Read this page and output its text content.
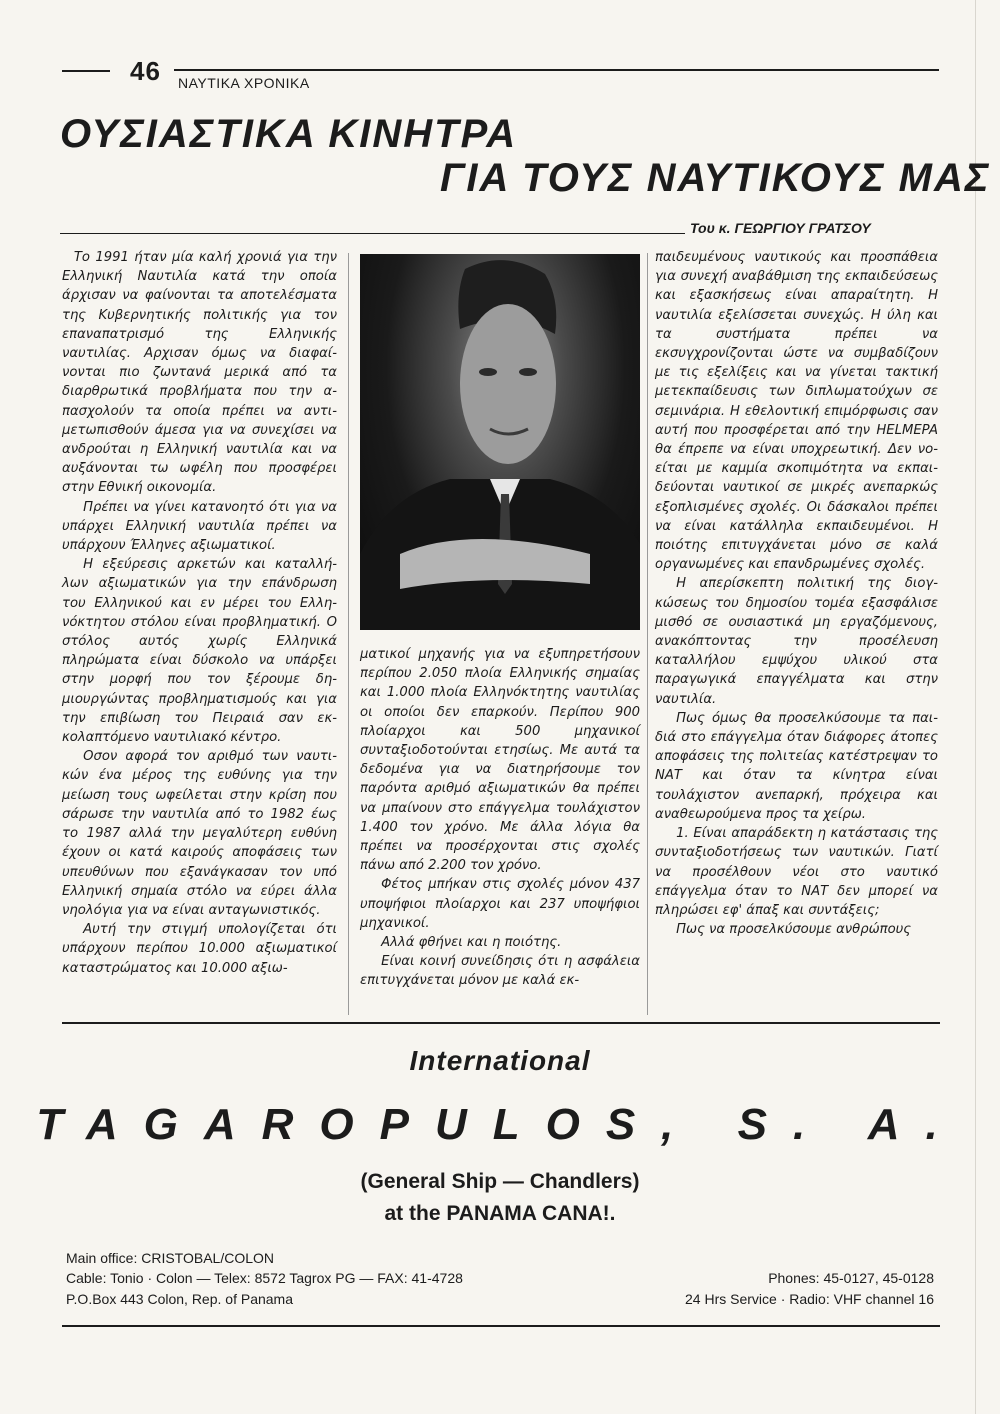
46 ΝΑΥΤΙΚΑ ΧΡΟΝΙΚΑ
ΟΥΣΙΑΣΤΙΚΑ ΚΙΝΗΤΡΑ
ΓΙΑ ΤΟΥΣ ΝΑΥΤΙΚΟΥΣ ΜΑΣ
Του κ. ΓΕΩΡΓΙΟΥ ΓΡΑΤΣΟΥ

Το 1991 ήταν μία καλή χρονιά για την Ελληνική Ναυτιλία κατά την οποία άρχισαν να φαίνονται τα αποτελέσματα της Κυβερνητικής πολιτικής για τον επαναπατρισμό της Ελληνικής ναυτιλίας. Αρχισαν όμως να διαφαίνονται πιο ζωντανά μερικά από τα διαρθρωτικά προβλήματα που την απασχολούν τα οποία πρέπει να αντιμετωπισθούν άμεσα για να συνεχίσει να ανδρούται η Ελληνική ναυτιλία και να αυξάνονται τω ωφέλη που προσφέρει στην Εθνική οικονομία.

Πρέπει να γίνει κατανοητό ότι για να υπάρχει Ελληνική ναυτιλία πρέπει να υπάρχουν Έλληνες αξιωματικοί.

Η εξεύρεσις αρκετών και καταλλήλων αξιωματικών για την επάνδρωση του Ελληνικού και εν μέρει του Ελληνόκτητου στόλου είναι προβληματική. Ο στόλος αυτός χωρίς Ελληνικά πληρώματα είναι δύσκολο να υπάρξει στην μορφή που τον ξέρουμε δημιουργώντας προβληματισμούς και για την επιβίωση του Πειραιά σαν εκκολαπτόμενο ναυτιλιακό κέντρο.

Οσον αφορά τον αριθμό των ναυτικών ένα μέρος της ευθύνης για την μείωση τους ωφείλεται στην κρίση που σάρωσε την ναυτιλία από το 1982 έως το 1987 αλλά την μεγαλύτερη ευθύνη έχουν οι κατά καιρούς αποφάσεις των υπευθύνων που εξανάγκασαν τον υπό Ελληνική σημαία στόλο να εύρει άλλα νηολόγια για να είναι ανταγωνιστικός.

Αυτή την στιγμή υπολογίζεται ότι υπάρχουν περίπου 10.000 αξιωματικοί καταστρώματος και 10.000 αξιω-

ματικοί μηχανής για να εξυπηρετήσουν περίπου 2.050 πλοία Ελληνικής σημαίας και 1.000 πλοία Ελληνόκτητης ναυτιλίας οι οποίοι δεν επαρκούν. Περίπου 900 πλοίαρχοι και 500 μηχανικοί συνταξιοδοτούνται ετησίως. Με αυτά τα δεδομένα για να διατηρήσουμε τον παρόντα αριθμό αξιωματικών θα πρέπει να μπαίνουν στο επάγγελμα τουλάχιστον 1.400 τον χρόνο. Με άλλα λόγια θα πρέπει να προσέρχονται στις σχολές πάνω από 2.200 τον χρόνο.

Φέτος μπήκαν στις σχολές μόνον 437 υποψήφιοι πλοίαρχοι και 237 υποψήφιοι μηχανικοί.

Αλλά φθήνει και η ποιότης.

Είναι κοινή συνείδησις ότι η ασφάλεια επιτυγχάνεται μόνον με καλά εκ-

παιδευμένους ναυτικούς και προσπάθεια για συνεχή αναβάθμιση της εκπαιδεύσεως και εξασκήσεως είναι απαραίτητη. Η ναυτιλία εξελίσσεται συνεχώς. Η ύλη και τα συστήματα πρέπει να εκσυγχρονίζονται ώστε να συμβαδίζουν με τις εξελίξεις και να γίνεται τακτική μετεκπαίδευσις των διπλωματούχων σε σεμινάρια. Η εθελοντική επιμόρφωσις σαν αυτή που προσφέρεται από την HELMEPA θα έπρεπε να είναι υποχρεωτική. Δεν νοείται με καμμία σκοπιμότητα να εκπαιδεύονται ναυτικοί σε μικρές ανεπαρκώς εξοπλισμένες σχολές. Οι δάσκαλοι πρέπει να είναι κατάλληλα εκπαιδευμένοι. Η ποιότης επιτυγχάνεται μόνο σε καλά οργανωμένες και επανδρωμένες σχολές.

Η απερίσκεπτη πολιτική της διογκώσεως του δημοσίου τομέα εξασφάλισε μισθό σε ουσιαστικά μη εργαζόμενους, ανακόπτοντας την προσέλευση καταλλήλου εμψύχου υλικού στα παραγωγικά επαγγέλματα και στην ναυτιλία.

Πως όμως θα προσελκύσουμε τα παιδιά στο επάγγελμα όταν διάφορες άτοπες αποφάσεις της πολιτείας κατέστρεψαν το ΝΑΤ και όταν τα κίνητρα είναι τουλάχιστον ανεπαρκή, πρόχειρα και αναθεωρούμενα προς τα χείρω.

1. Είναι απαράδεκτη η κατάστασις της συνταξιοδοτήσεως των ναυτικών. Γιατί να προσέλθουν νέοι στο ναυτικό επάγγελμα όταν το ΝΑΤ δεν μπορεί να πληρώσει εφ' άπαξ και συντάξεις;

Πως να προσελκύσουμε ανθρώπους

International
TAGAROPULOS, S. A.
(General Ship — Chandlers)
at the PANAMA CANA!.
Main office: CRISTOBAL/COLON
Cable: Tonio · Colon — Telex: 8572 Tagrox PG — FAX: 41-4728
P.O.Box 443 Colon, Rep. of Panama
Phones: 45-0127, 45-0128
24 Hrs Service · Radio: VHF channel 16
